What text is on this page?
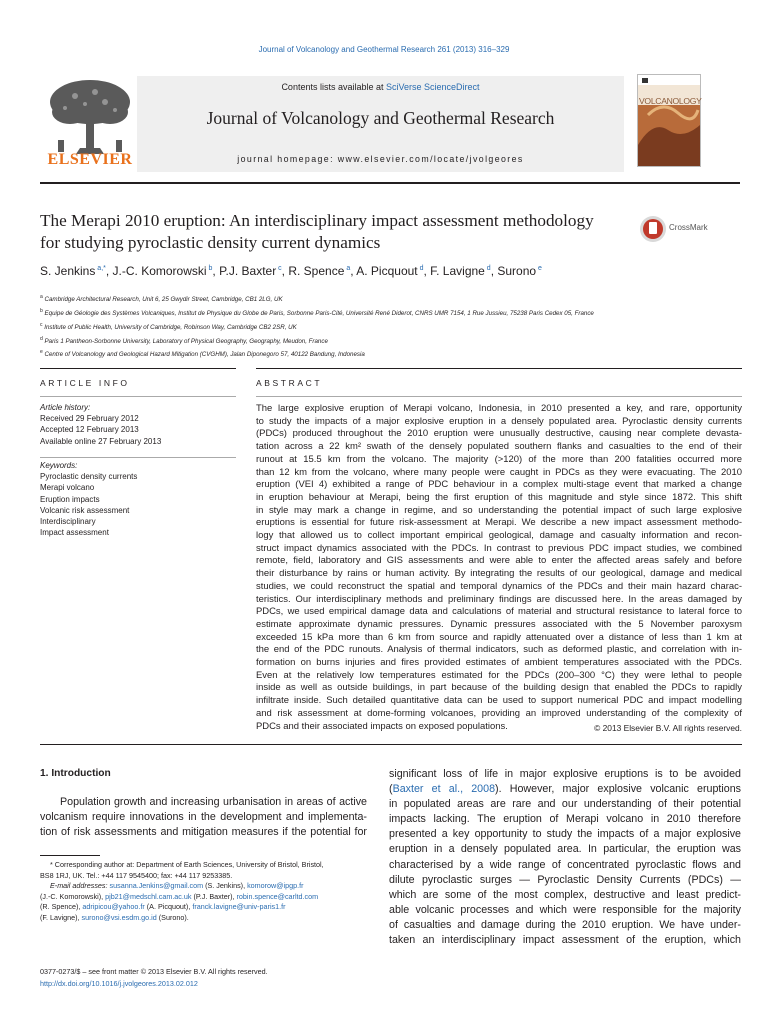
Journal of Volcanology and Geothermal Research 261 (2013) 316–329
ELSEVIER
Contents lists available at SciVerse ScienceDirect
Journal of Volcanology and Geothermal Research
journal homepage: www.elsevier.com/locate/jvolgeores
VOLCANOLOGY
The Merapi 2010 eruption: An interdisciplinary impact assessment methodology for studying pyroclastic density current dynamics
CrossMark
S. Jenkins $^{a,*}$, J.-C. Komorowski $^b$, P.J. Baxter $^c$, R. Spence $^a$, A. Picquout $^d$, F. Lavigne $^d$, Surono $^e$
$^a$ Cambridge Architectural Research, Unit 6, 25 Gwydir Street, Cambridge, CB1 2LG, UK
$^b$ Equipe de Géologie des Systèmes Volcaniques, Institut de Physique du Globe de Paris, Sorbonne Paris-Cité, Université René Diderot, CNRS UMR 7154, 1 Rue Jussieu, 75238 Paris Cedex 05, France
$^c$ Institute of Public Health, University of Cambridge, Robinson Way, Cambridge CB2 2SR, UK
$^d$ Paris 1 Pantheon-Sorbonne University, Laboratory of Physical Geography, Geography, Meudon, France
$^e$ Centre of Volcanology and Geological Hazard Mitigation (CVGHM), Jalan Diponegoro 57, 40122 Bandung, Indonesia
ARTICLE INFO	ABSTRACT
Article history:
Received 29 February 2012
Accepted 12 February 2013
Available online 27 February 2013
Keywords:
Pyroclastic density currents
Merapi volcano
Eruption impacts
Volcanic risk assessment
Interdisciplinary
Impact assessment
The large explosive eruption of Merapi volcano, Indonesia, in 2010 presented a key, and rare, opportunity
to study the impacts of a major explosive eruption in a densely populated area. Pyroclastic density currents
(PDCs) produced throughout the 2010 eruption were unusually destructive, causing near complete devasta-
tation across a 22 km² swath of the densely populated southern flanks and casualties to the end of their
runout at 15.5 km from the volcano. The majority (>120) of the more than 200 fatalities occurred more
than 12 km from the volcano, where many people were caught in PDCs as they were evacuating. The 2010
eruption (VEI 4) exhibited a range of PDC behaviour in a complex multi-stage event that marked a change
in eruption behaviour at Merapi, being the first eruption of this magnitude and style since 1872. This shift
in style may mark a change in regime, and so understanding the potential impact of such large explosive
eruptions is essential for future risk-assessment at Merapi. We describe a new impact assessment methodo-
logy that allowed us to collect important empirical geological, damage and casualty information and recon-
struct impact dynamics associated with the PDCs. In contrast to previous PDC impact studies, we combined
remote, field, laboratory and GIS assessments and were able to enter the affected areas safely and before
their disturbance by rains or human activity. By integrating the results of our geological, damage and medical
studies, we could reconstruct the spatial and temporal dynamics of the PDCs and their main hazard charac-
teristics. Our interdisciplinary methods and preliminary findings are discussed here. In the areas damaged by
PDCs, we used empirical damage data and calculations of material and structural resistance to lateral force to
estimate approximate dynamic pressures. Dynamic pressures associated with the 5 November paroxysm
exceeded 15 kPa more than 6 km from source and rapidly attenuated over a distance of less than 1 km at
the end of the PDC runouts. Analysis of thermal indicators, such as deformed plastic, and correlation with in-
formation on burns injuries and fires provided estimates of ambient temperatures associated with the PDCs.
Even at the relatively low temperatures estimated for the PDCs (200–300 °C) they were lethal to people
inside as well as outside buildings, in part because of the building design that enabled the PDCs to rapidly
infiltrate inside. Such detailed quantitative data can be used to support numerical PDC and impact modelling
and risk assessment at dome-forming volcanoes, providing an improved understanding of the complexity of
PDCs and their associated impacts on exposed populations.	© 2013 Elsevier B.V. All rights reserved.
1. Introduction
Population growth and increasing urbanisation in areas of active
volcanism require innovations in the development and implementa-
tion of risk assessments and mitigation measures if the potential for
significant loss of life in major explosive eruptions is to be avoided
(Baxter et al., 2008). However, major explosive volcanic eruptions
in populated areas are rare and our understanding of their potential
impacts lacking. The eruption of Merapi volcano in 2010 therefore
presented a key opportunity to study the impacts of a major explosive
eruption in a densely populated area. In particular, the eruption was
characterised by a wide range of concentrated pyroclastic flows and
dilute pyroclastic surges — Pyroclastic Density Currents (PDCs) —
which are some of the most complex, destructive and least predict-
able volcanic processes and which were responsible for the majority
of casualties and damage during the 2010 eruption. We have under-
taken an interdisciplinary impact assessment of the eruption, which
* Corresponding author at: Department of Earth Sciences, University of Bristol, Bristol,
BS8 1RJ, UK. Tel.: +44 117 9545400; fax: +44 117 9253385.
E-mail addresses: susanna.Jenkins@gmail.com (S. Jenkins), komorow@ipgp.fr
(J.-C. Komorowski), pjb21@medschl.cam.ac.uk (P.J. Baxter), robin.spence@carltd.com
(R. Spence), adripicou@yahoo.fr (A. Picquout), franck.lavigne@univ-paris1.fr
(F. Lavigne), surono@vsi.esdm.go.id (Surono).
0377-0273/$ – see front matter © 2013 Elsevier B.V. All rights reserved.
http://dx.doi.org/10.1016/j.jvolgeores.2013.02.012
